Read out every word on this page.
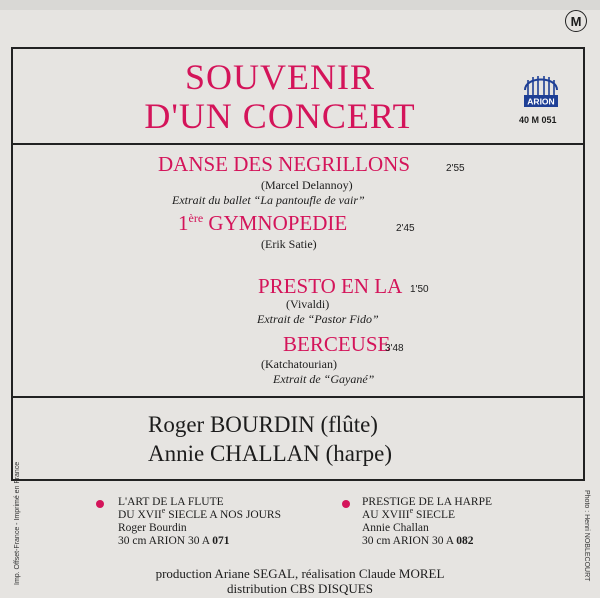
M
SOUVENIR
D'UN CONCERT	ARION
40 M 051
DANSE DES NEGRILLONS	2'55
(Marcel Delannoy)
Extrait du ballet “La pantoufle de vair”
1ère GYMNOPEDIE	2'45
(Erik Satie)
PRESTO EN LA 1'50
(Vivaldi)
Extrait de “Pastor Fido”
BERCEUSE
3'48
(Katchatourian)
Extrait de “Gayané”
Roger BOURDIN (flûte)
Annie CHALLAN (harpe)
L'ART DE LA FLUTE
DU XVIIe SIECLE A NOS JOURS
Roger Bourdin
30 cm ARION 30 A 071
PRESTIGE DE LA HARPE
AU XVIIIe SIECLE
Annie Challan
30 cm ARION 30 A 082
production Ariane SEGAL, réalisation Claude MOREL
distribution CBS DISQUES
Imp. Offset-France - Imprimé en France	Photo : Henri NOBLECOURT
